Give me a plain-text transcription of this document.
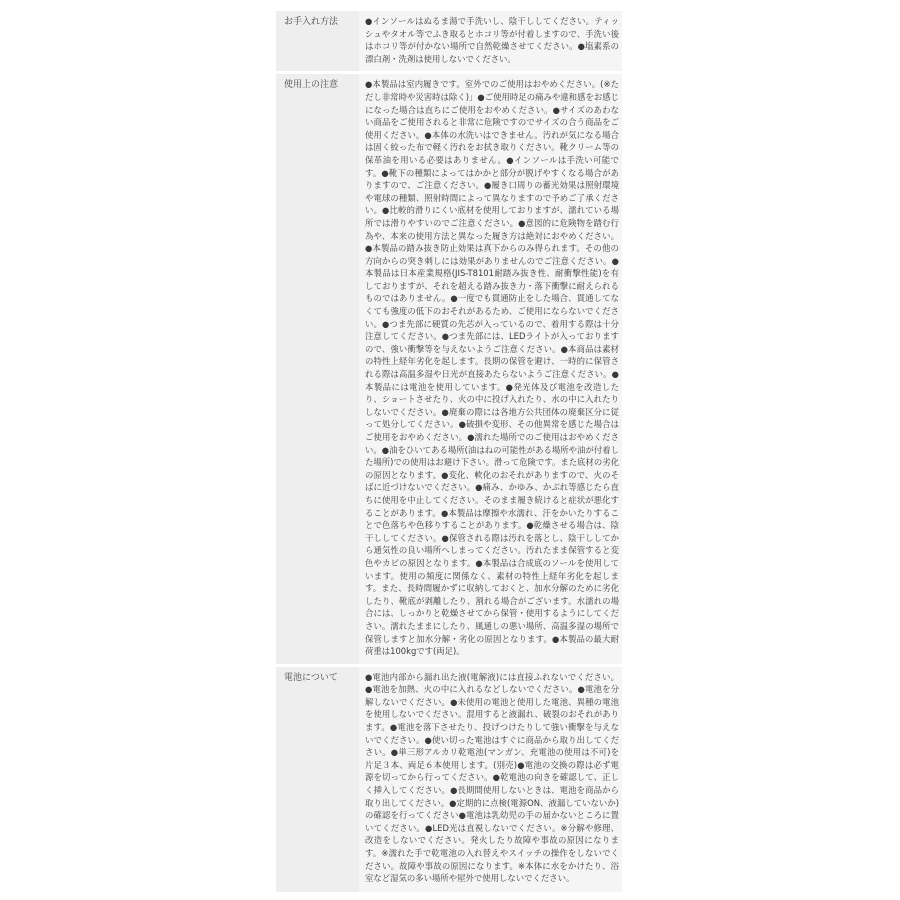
お手入れ方法	●インソールはぬるま湯で手洗いし、陰干ししてください。ティッシュやタオル等でふき取るとホコリ等が付着しますので、手洗い後はホコリ等が付かない場所で自然乾燥させてください。●塩素系の漂白剤・洗剤は使用しないでください。
使用上の注意	●本製品は室内履きです。室外でのご使用はおやめください。(※ただし非常時や災害時は除く)」●ご使用時足の痛みや違和感をお感じになった場合は直ちにご使用をおやめください。●サイズのあわない商品をご使用されると非常に危険ですのでサイズの合う商品をご使用ください。●本体の水洗いはできません。汚れが気になる場合は固く絞った布で軽く汚れをお拭き取りください。靴クリーム等の保革油を用いる必要はありません。●インソールは手洗い可能です。●靴下の種類によってはかかと部分が脱げやすくなる場合がありますので、ご注意ください。●履き口周りの蓄光効果は照射環境や電球の種類、照射時間によって異なりますので予めご了承ください。●比較的滑りにくい底材を使用しておりますが、濡れている場所では滑りやすいのでご注意ください。●意図的に危険物を踏む行為や、本来の使用方法と異なった履き方は絶対におやめください。●本製品の踏み抜き防止効果は真下からのみ得られます。その他の方向からの突き刺しには効果がありませんのでご注意ください。●本製品は日本産業規格(JIS-T8101耐踏み抜き性、耐衝撃性能)を有しておりますが、それを超える踏み抜き力・落下衝撃に耐えられるものではありません。●一度でも貫通防止をした場合、貫通してなくても強度の低下のおそれがあるため、ご使用にならないでください。●つま先部に硬質の先芯が入っているので、着用する際は十分注意してください。●つま先部には、LEDライトが入っておりますので、強い衝撃等を与えないようご注意ください。●本商品は素材の特性上経年劣化を起します。長期の保管を避け、一時的に保管される際は高温多湿や日光が直接あたらないようご注意ください。●本製品には電池を使用しています。●発光体及び電池を改造したり、ショートさせたり、火の中に投げ入れたり、水の中に入れたりしないでください。●廃棄の際には各地方公共団体の廃棄区分に従って処分してください。●破損や変形、その他異常を感じた場合はご使用をおやめください。●濡れた場所でのご使用はおやめください。●油をひいてある場所(油はねの可能性がある場所や油が付着した場所)での使用はお避け下さい。滑って危険です。また底材の劣化の原因となります。●変化、軟化のおそれがありますので、火のそばに近づけないでください。●痛み、かゆみ、かぶれ等感じたら直ちに使用を中止してください。そのまま履き続けると症状が悪化することがあります。●本製品は摩擦や水濡れ、汗をかいたりすることで色落ちや色移りすることがあります。●乾燥させる場合は、陰干ししてください。●保管される際は汚れを落とし、陰干ししてから通気性の良い場所へしまってください。汚れたまま保管すると変色やカビの原因となります。●本製品は合成底のソールを使用しています。使用の頻度に関係なく、素材の特性上経年劣化を起します。また、長時間履かずに収納しておくと、加水分解のために劣化したり、靴底が剥離したり、割れる場合がございます。水濡れの場合には、しっかりと乾燥させてから保管・使用するようにしてください。濡れたままにしたり、風通しの悪い場所、高温多湿の場所で保管しますと加水分解・劣化の原因となります。●本製品の最大耐荷重は100kgです(両足)。
電池について	●電池内部から漏れ出た液(電解液)には直接ふれないでください。●電池を加熱、火の中に入れるなどしないでください。●電池を分解しないでください。●未使用の電池と使用した電池、異種の電池を使用しないでください。混用すると液漏れ、破裂のおそれがあります。●電池を落下させたり、投げつけたりして強い衝撃を与えないでください。●使い切った電池はすぐに商品から取り出してください。●単三形アルカリ乾電池(マンガン、充電池の使用は不可)を片足３本、両足６本使用します。(別売)●電池の交換の際は必ず電源を切ってから行ってください。●乾電池の向きを確認して、正しく挿入してください。●長期間使用しないときは、電池を商品から取り出してください。●定期的に点検(電源ON、液漏していないか)の確認を行ってください●電池は乳幼児の手の届かないところに置いてください。●LED光は直視しないでください。※分解や修理、改造をしないでください。発火したり故障や事故の原因になります。※濡れた手で乾電池の入れ替えやスイッチの操作をしないでください。故障や事故の原因になります。※本体に水をかけたり、浴室など湿気の多い場所や屋外で使用しないでください。
